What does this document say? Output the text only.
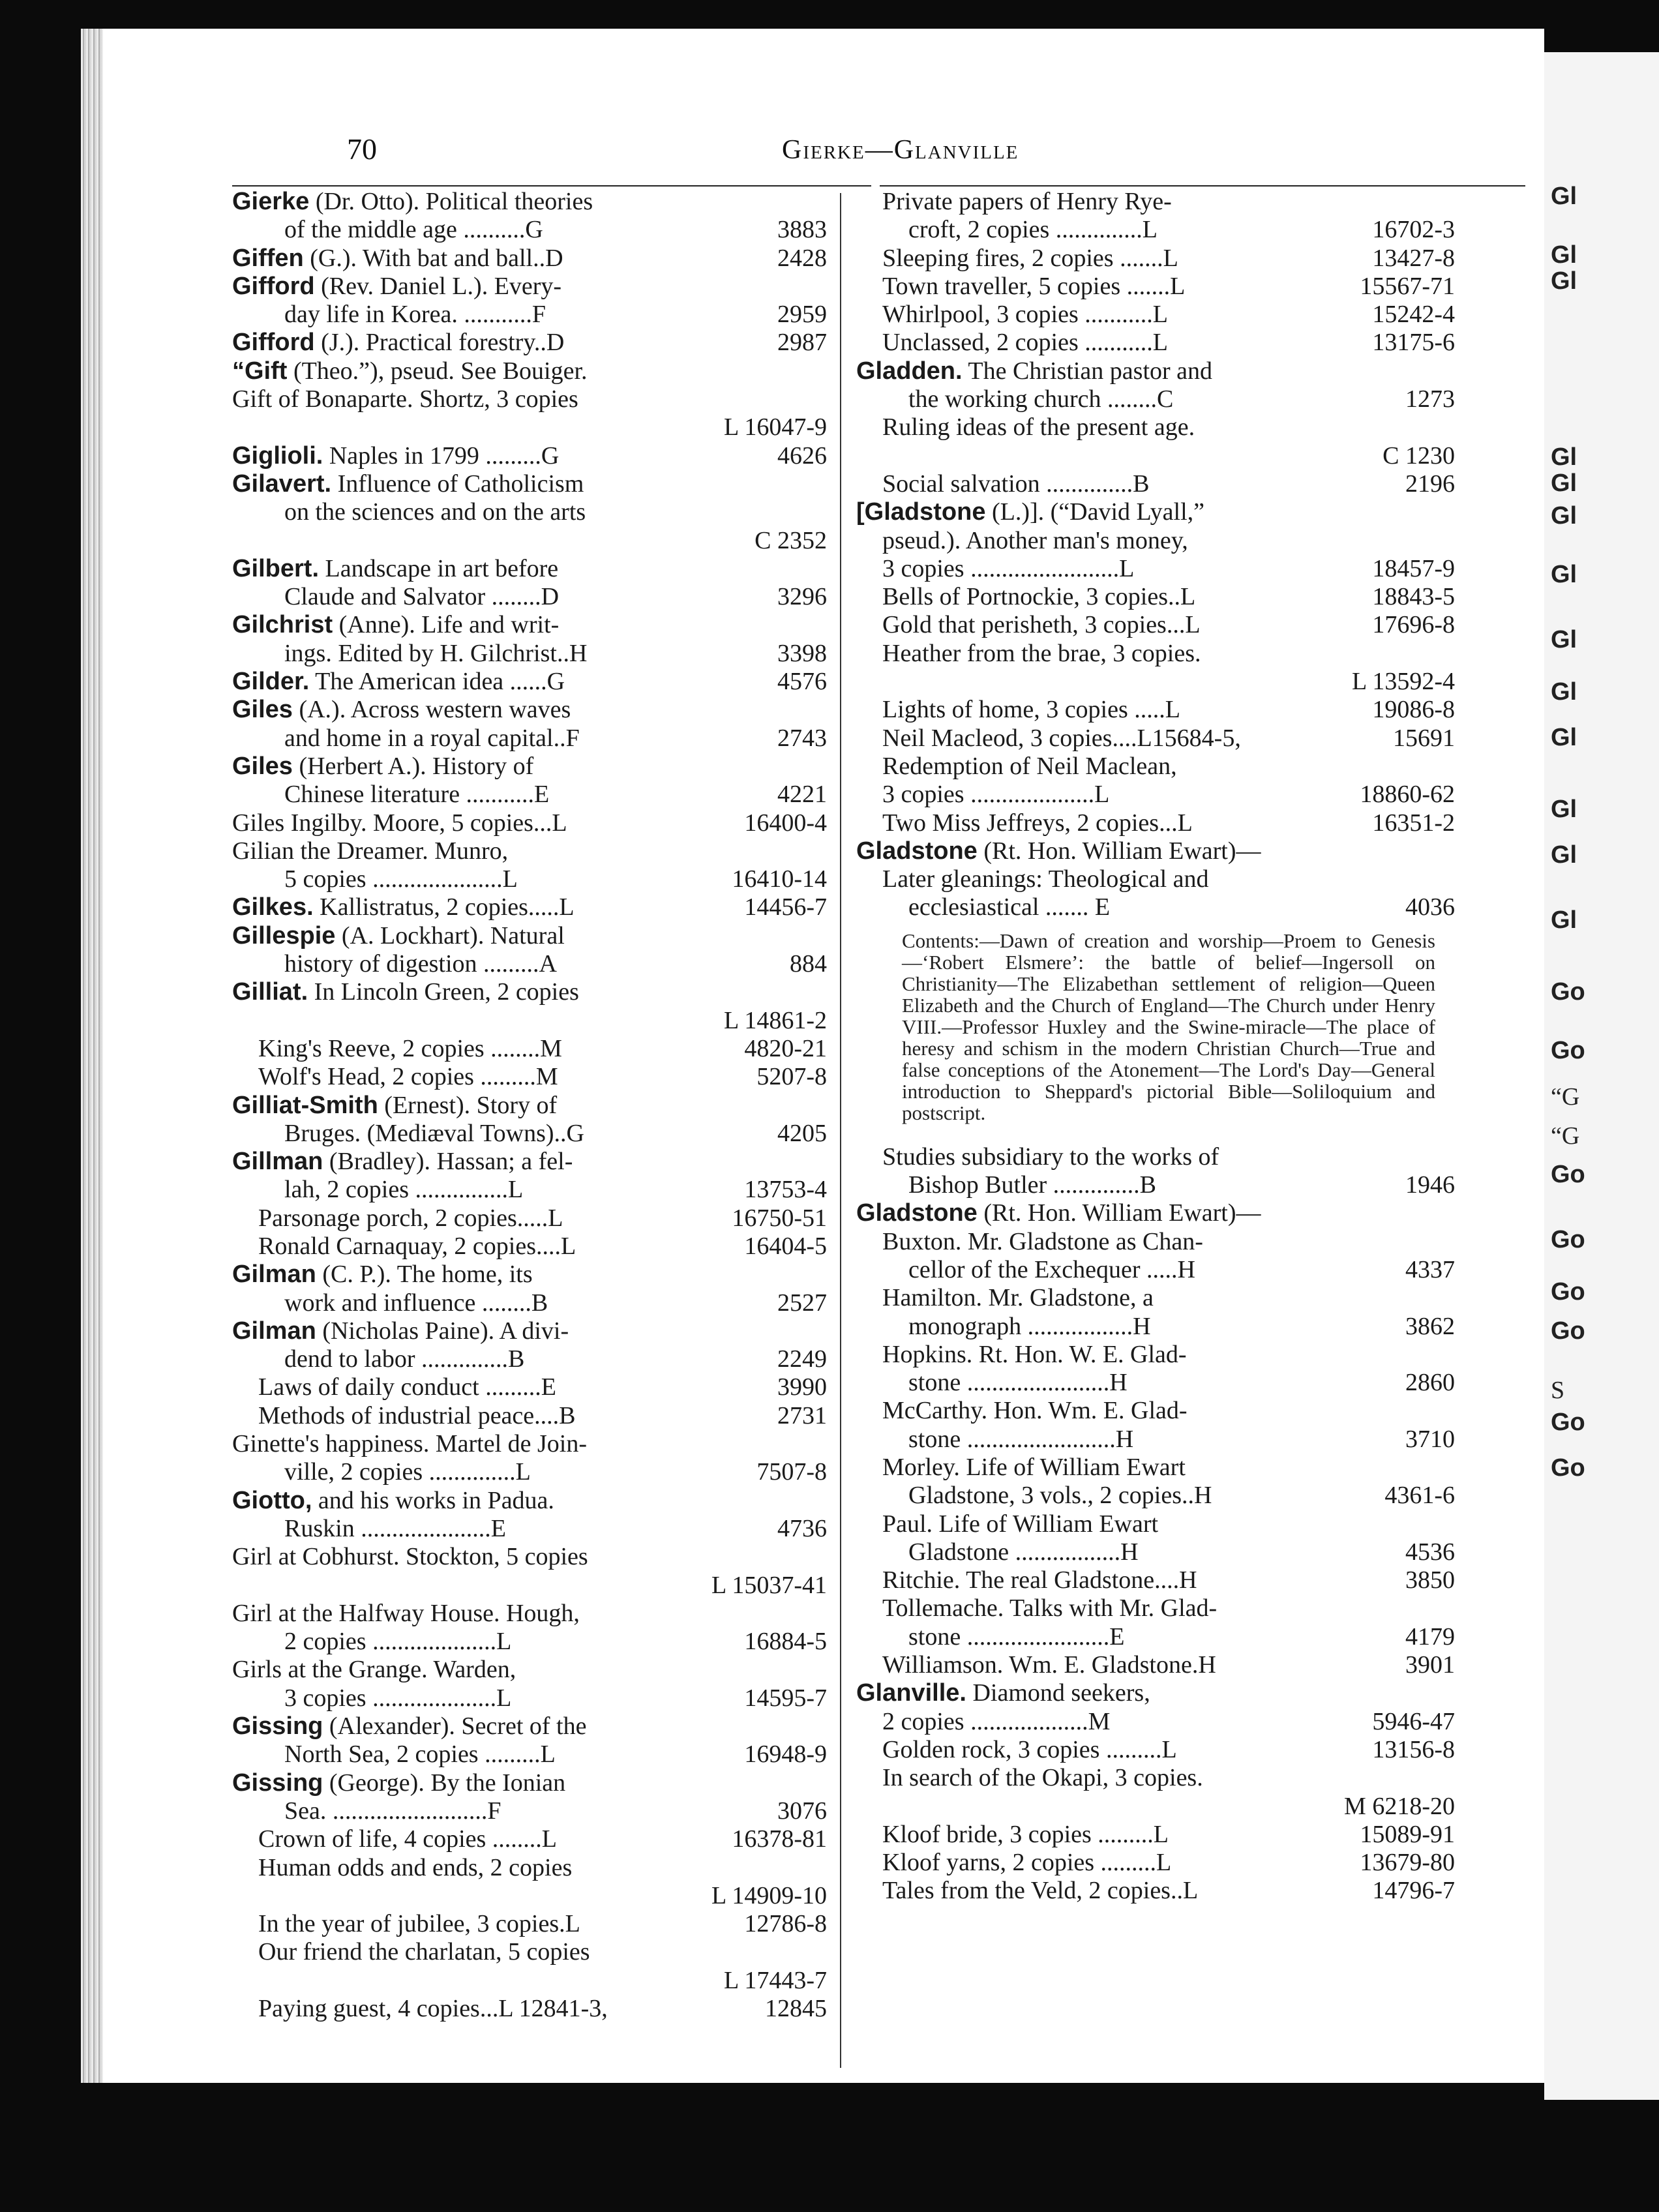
70	Gierke—Glanville
Gl
Gl
Gl
Gl
Gl
Gl
Gl
Gl
Gl
Gl
Gl
Gl
Gl
Go
Go
“G
“G
Go
Go
Go
Go
S
Go
Go
Gierke (Dr. Otto). Political theories
of the middle age ..........G	3883
Giffen (G.). With bat and ball..D	2428
Gifford (Rev. Daniel L.). Every-
day life in Korea. ...........F	2959
Gifford (J.). Practical forestry..D	2987
“Gift (Theo.”), pseud. See Bouiger.
Gift of Bonaparte. Shortz, 3 copies
L 16047-9
Giglioli. Naples in 1799 .........G	4626
Gilavert. Influence of Catholicism
on the sciences and on the arts
C 2352
Gilbert. Landscape in art before
Claude and Salvator ........D	3296
Gilchrist (Anne). Life and writ-
ings. Edited by H. Gilchrist..H	3398
Gilder. The American idea ......G	4576
Giles (A.). Across western waves
and home in a royal capital..F	2743
Giles (Herbert A.). History of
Chinese literature ...........E	4221
Giles Ingilby. Moore, 5 copies...L	16400-4
Gilian the Dreamer. Munro,
5 copies .....................L	16410-14
Gilkes. Kallistratus, 2 copies.....L	14456-7
Gillespie (A. Lockhart). Natural
history of digestion .........A	884
Gilliat. In Lincoln Green, 2 copies
L 14861-2
King's Reeve, 2 copies ........M	4820-21
Wolf's Head, 2 copies .........M	5207-8
Gilliat-Smith (Ernest). Story of
Bruges. (Mediæval Towns)..G	4205
Gillman (Bradley). Hassan; a fel-
lah, 2 copies ...............L	13753-4
Parsonage porch, 2 copies.....L	16750-51
Ronald Carnaquay, 2 copies....L	16404-5
Gilman (C. P.). The home, its
work and influence ........B	2527
Gilman (Nicholas Paine). A divi-
dend to labor ..............B	2249
Laws of daily conduct .........E	3990
Methods of industrial peace....B	2731
Ginette's happiness. Martel de Join-
ville, 2 copies ..............L	7507-8
Giotto, and his works in Padua.
Ruskin .....................E	4736
Girl at Cobhurst. Stockton, 5 copies
L 15037-41
Girl at the Halfway House. Hough,
2 copies ....................L	16884-5
Girls at the Grange. Warden,
3 copies ....................L	14595-7
Gissing (Alexander). Secret of the
North Sea, 2 copies .........L	16948-9
Gissing (George). By the Ionian
Sea. .........................F	3076
Crown of life, 4 copies ........L	16378-81
Human odds and ends, 2 copies
L 14909-10
In the year of jubilee, 3 copies.L	12786-8
Our friend the charlatan, 5 copies
L 17443-7
Paying guest, 4 copies...L 12841-3,	12845
Private papers of Henry Rye-
croft, 2 copies ..............L	16702-3
Sleeping fires, 2 copies .......L	13427-8
Town traveller, 5 copies .......L	15567-71
Whirlpool, 3 copies ...........L	15242-4
Unclassed, 2 copies ...........L	13175-6
Gladden. The Christian pastor and
the working church ........C	1273
Ruling ideas of the present age.
C 1230
Social salvation ..............B	2196
[Gladstone (L.)]. (“David Lyall,”
pseud.). Another man's money,
3 copies ........................L	18457-9
Bells of Portnockie, 3 copies..L	18843-5
Gold that perisheth, 3 copies...L	17696-8
Heather from the brae, 3 copies.
L 13592-4
Lights of home, 3 copies .....L	19086-8
Neil Macleod, 3 copies....L15684-5,	15691
Redemption of Neil Maclean,
3 copies ....................L	18860-62
Two Miss Jeffreys, 2 copies...L	16351-2
Gladstone (Rt. Hon. William Ewart)—
Later gleanings: Theological and
ecclesiastical ....... E	4036
Contents:—Dawn of creation and worship—Proem to Genesis—‘Robert Elsmere’: the battle of belief—Ingersoll on Christianity—The Elizabethan settlement of religion—Queen Elizabeth and the Church of England—The Church under Henry VIII.—Professor Huxley and the Swine-miracle—The place of heresy and schism in the modern Christian Church—True and false conceptions of the Atonement—The Lord's Day—General introduction to Sheppard's pictorial Bible—Soliloquium and postscript.
Studies subsidiary to the works of
Bishop Butler ..............B	1946
Gladstone (Rt. Hon. William Ewart)—
Buxton. Mr. Gladstone as Chan-
cellor of the Exchequer .....H	4337
Hamilton. Mr. Gladstone, a
monograph .................H	3862
Hopkins. Rt. Hon. W. E. Glad-
stone .......................H	2860
McCarthy. Hon. Wm. E. Glad-
stone ........................H	3710
Morley. Life of William Ewart
Gladstone, 3 vols., 2 copies..H	4361-6
Paul. Life of William Ewart
Gladstone .................H	4536
Ritchie. The real Gladstone....H	3850
Tollemache. Talks with Mr. Glad-
stone .......................E	4179
Williamson. Wm. E. Gladstone.H	3901
Glanville. Diamond seekers,
2 copies ...................M	5946-47
Golden rock, 3 copies .........L	13156-8
In search of the Okapi, 3 copies.
M 6218-20
Kloof bride, 3 copies .........L	15089-91
Kloof yarns, 2 copies .........L	13679-80
Tales from the Veld, 2 copies..L	14796-7
